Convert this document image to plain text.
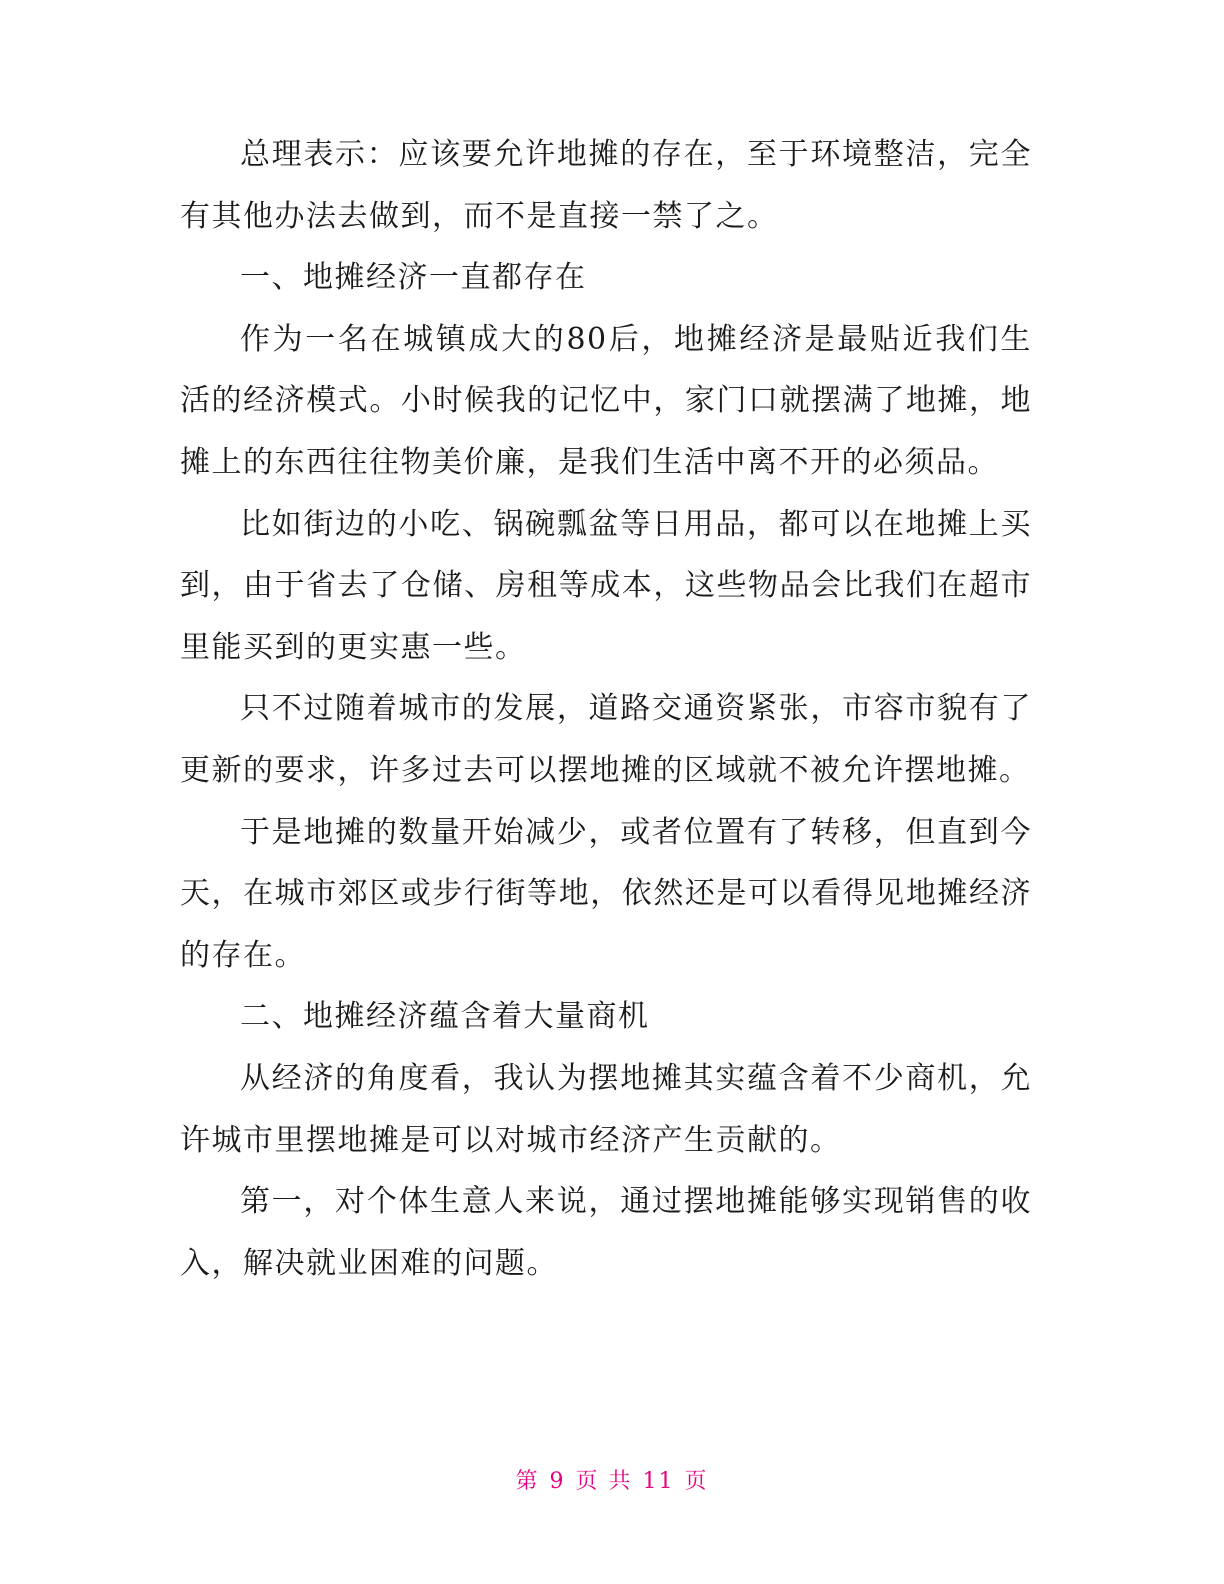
总理表示：应该要允许地摊的存在，至于环境整洁，完全有其他办法去做到，而不是直接一禁了之。

一、地摊经济一直都存在

作为一名在城镇成大的80后，地摊经济是最贴近我们生活的经济模式。小时候我的记忆中，家门口就摆满了地摊，地摊上的东西往往物美价廉，是我们生活中离不开的必须品。

比如街边的小吃、锅碗瓢盆等日用品，都可以在地摊上买到，由于省去了仓储、房租等成本，这些物品会比我们在超市里能买到的更实惠一些。

只不过随着城市的发展，道路交通资紧张，市容市貌有了更新的要求，许多过去可以摆地摊的区域就不被允许摆地摊。

于是地摊的数量开始减少，或者位置有了转移，但直到今天，在城市郊区或步行街等地，依然还是可以看得见地摊经济的存在。

二、地摊经济蕴含着大量商机

从经济的角度看，我认为摆地摊其实蕴含着不少商机，允许城市里摆地摊是可以对城市经济产生贡献的。

第一，对个体生意人来说，通过摆地摊能够实现销售的收入，解决就业困难的问题。

第 9 页 共 11 页
